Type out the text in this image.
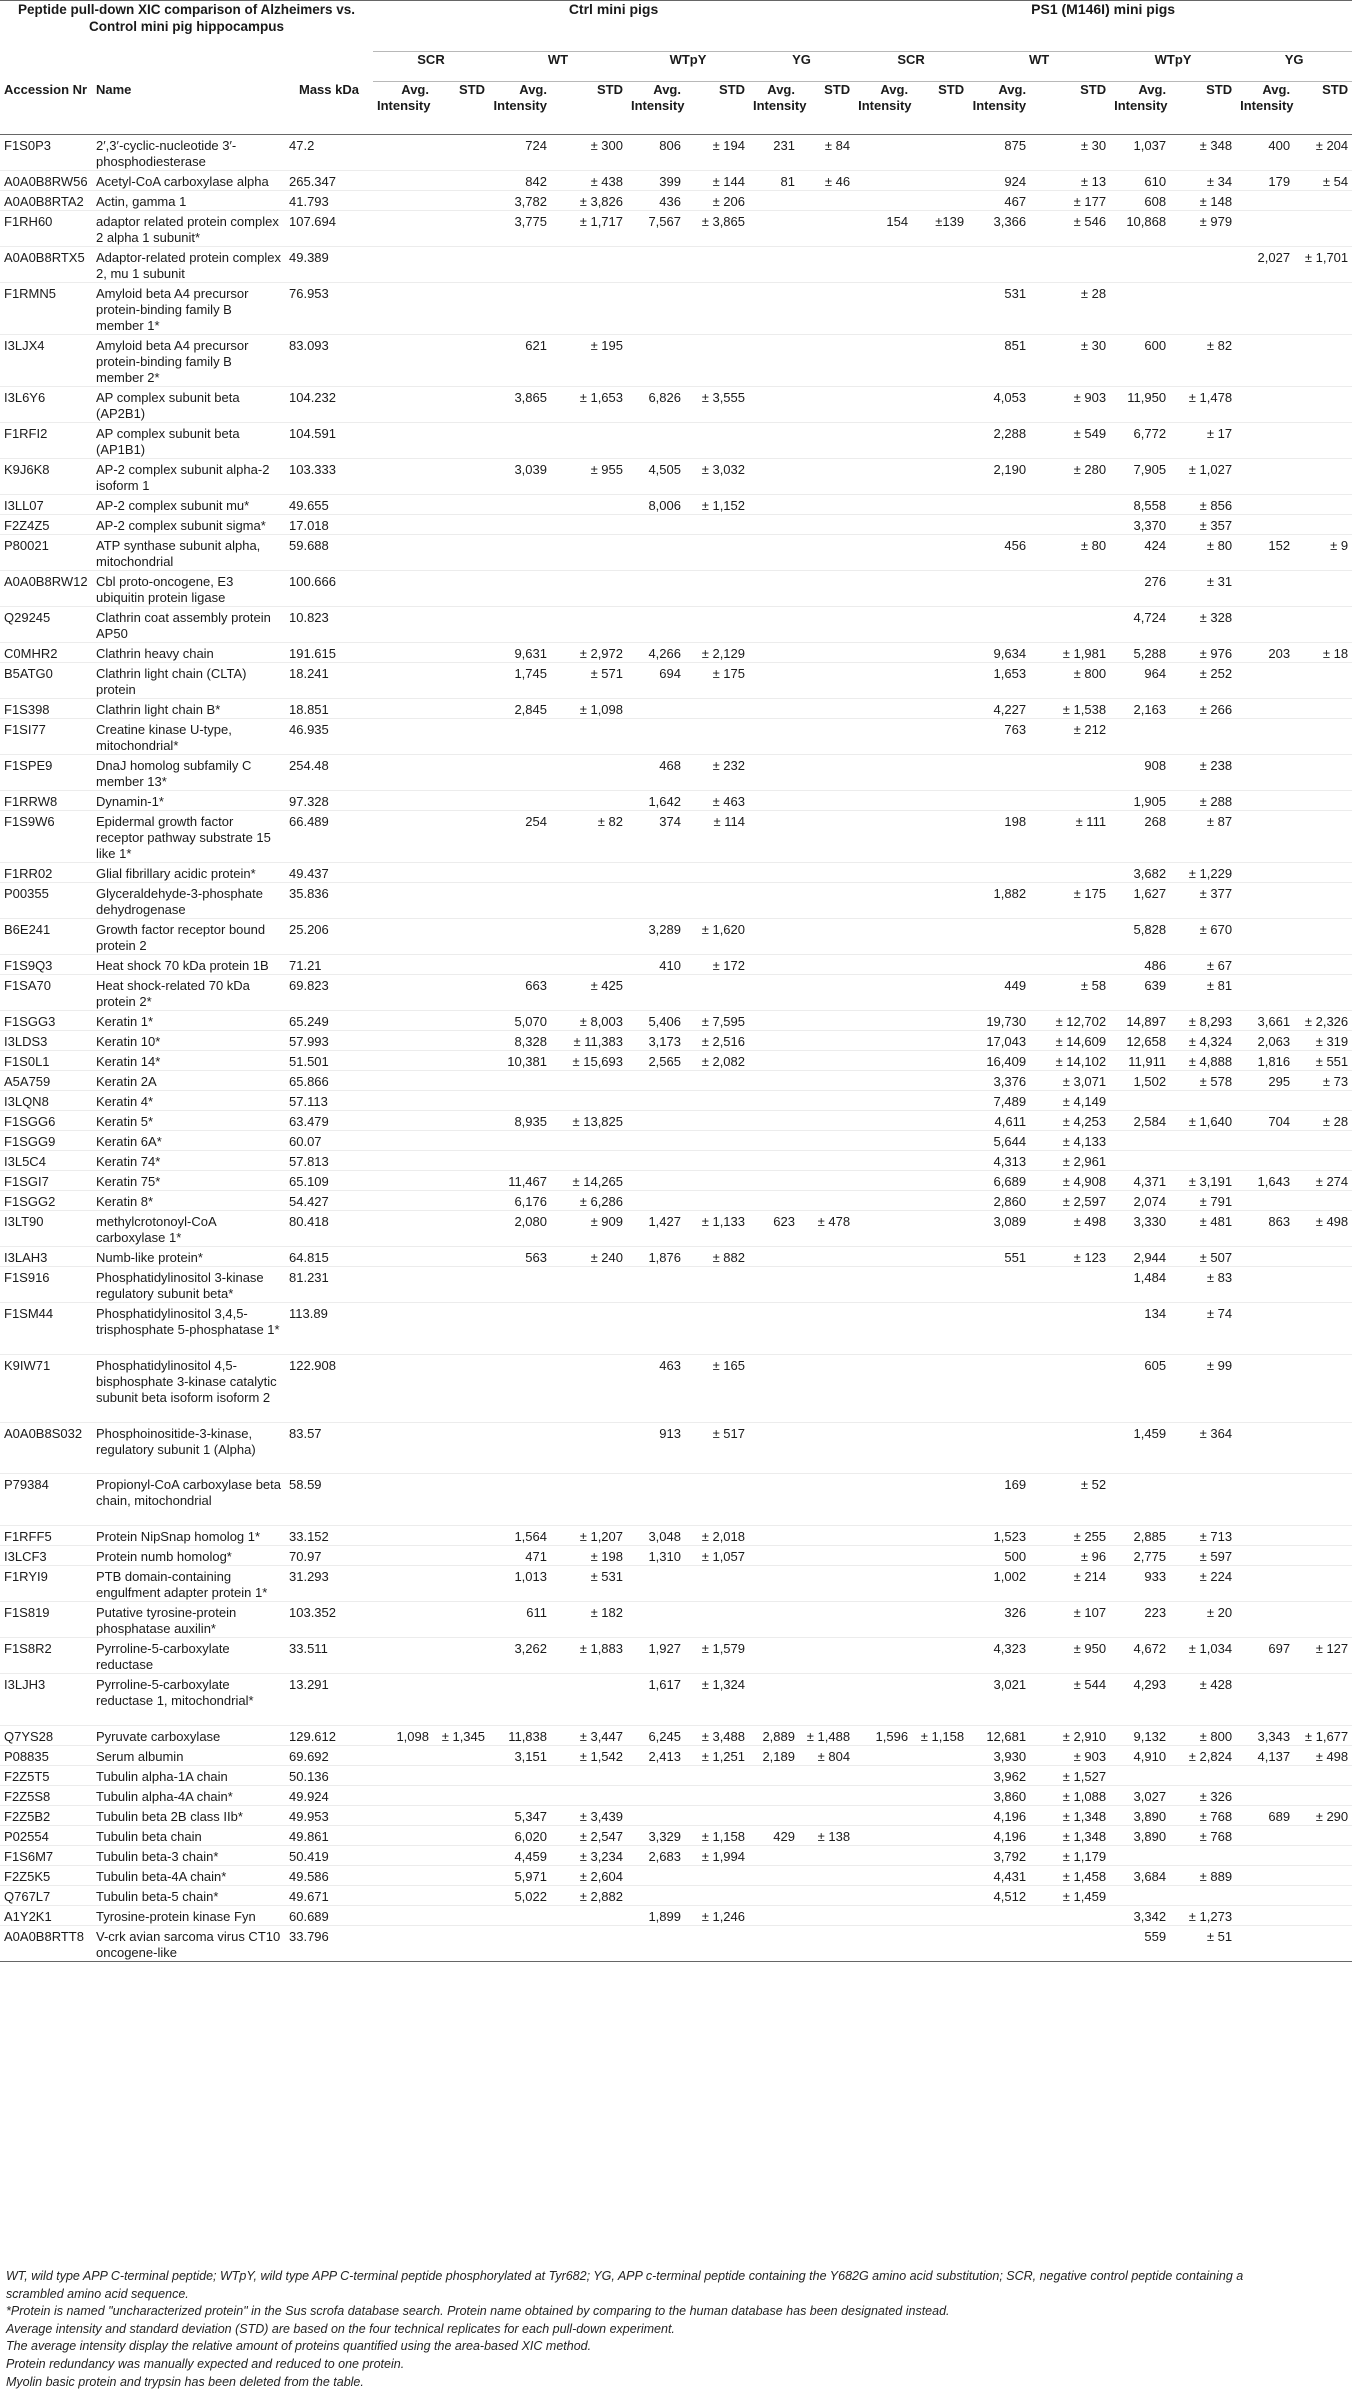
Peptide pull-down XIC comparison of Alzheimers vs. Control mini pig hippocampus			Ctrl mini pigs								PS1 (M146I) mini pigs							
			SCR		WT		WTpY		YG		SCR		WT		WTpY		YG	
Accession Nr	Name	Mass kDa	Avg. Intensity	STD	Avg. Intensity	STD	Avg. Intensity	STD	Avg. Intensity	STD	Avg. Intensity	STD	Avg. Intensity	STD	Avg. Intensity	STD	Avg. Intensity	STD
F1S0P3	2′,3′-cyclic-nucleotide 3′-phosphodiesterase	47.2			724	± 300	806	± 194	231	± 84			875	± 30	1,037	± 348	400	± 204
A0A0B8RW56	Acetyl-CoA carboxylase alpha	265.347			842	± 438	399	± 144	81	± 46			924	± 13	610	± 34	179	± 54
A0A0B8RTA2	Actin, gamma 1	41.793			3,782	± 3,826	436	± 206					467	± 177	608	± 148		
F1RH60	adaptor related protein complex 2 alpha 1 subunit*	107.694			3,775	± 1,717	7,567	± 3,865			154	±139	3,366	± 546	10,868	± 979		
A0A0B8RTX5	Adaptor-related protein complex 2, mu 1 subunit	49.389															2,027	± 1,701
F1RMN5	Amyloid beta A4 precursor protein-binding family B member 1*	76.953											531	± 28				
I3LJX4	Amyloid beta A4 precursor protein-binding family B member 2*	83.093			621	± 195							851	± 30	600	± 82		
I3L6Y6	AP complex subunit beta (AP2B1)	104.232			3,865	± 1,653	6,826	± 3,555					4,053	± 903	11,950	± 1,478		
F1RFI2	AP complex subunit beta (AP1B1)	104.591											2,288	± 549	6,772	± 17		
K9J6K8	AP-2 complex subunit alpha-2 isoform 1	103.333			3,039	± 955	4,505	± 3,032					2,190	± 280	7,905	± 1,027		
I3LL07	AP-2 complex subunit mu*	49.655					8,006	± 1,152							8,558	± 856		
F2Z4Z5	AP-2 complex subunit sigma*	17.018													3,370	± 357		
P80021	ATP synthase subunit alpha, mitochondrial	59.688											456	± 80	424	± 80	152	± 9
A0A0B8RW12	Cbl proto-oncogene, E3 ubiquitin protein ligase	100.666													276	± 31		
Q29245	Clathrin coat assembly protein AP50	10.823													4,724	± 328		
C0MHR2	Clathrin heavy chain	191.615			9,631	± 2,972	4,266	± 2,129					9,634	± 1,981	5,288	± 976	203	± 18
B5ATG0	Clathrin light chain (CLTA) protein	18.241			1,745	± 571	694	± 175					1,653	± 800	964	± 252		
F1S398	Clathrin light chain B*	18.851			2,845	± 1,098							4,227	± 1,538	2,163	± 266		
F1SI77	Creatine kinase U-type, mitochondrial*	46.935											763	± 212				
F1SPE9	DnaJ homolog subfamily C member 13*	254.48					468	± 232							908	± 238		
F1RRW8	Dynamin-1*	97.328					1,642	± 463							1,905	± 288		
F1S9W6	Epidermal growth factor receptor pathway substrate 15 like 1*	66.489			254	± 82	374	± 114					198	± 111	268	± 87		
F1RR02	Glial fibrillary acidic protein*	49.437													3,682	± 1,229		
P00355	Glyceraldehyde-3-phosphate dehydrogenase	35.836											1,882	± 175	1,627	± 377		
B6E241	Growth factor receptor bound protein 2	25.206					3,289	± 1,620							5,828	± 670		
F1S9Q3	Heat shock 70 kDa protein 1B	71.21					410	± 172							486	± 67		
F1SA70	Heat shock-related 70 kDa protein 2*	69.823			663	± 425							449	± 58	639	± 81		
F1SGG3	Keratin 1*	65.249			5,070	± 8,003	5,406	± 7,595					19,730	± 12,702	14,897	± 8,293	3,661	± 2,326
I3LDS3	Keratin 10*	57.993			8,328	± 11,383	3,173	± 2,516					17,043	± 14,609	12,658	± 4,324	2,063	± 319
F1S0L1	Keratin 14*	51.501			10,381	± 15,693	2,565	± 2,082					16,409	± 14,102	11,911	± 4,888	1,816	± 551
A5A759	Keratin 2A	65.866											3,376	± 3,071	1,502	± 578	295	± 73
I3LQN8	Keratin 4*	57.113											7,489	± 4,149				
F1SGG6	Keratin 5*	63.479			8,935	± 13,825							4,611	± 4,253	2,584	± 1,640	704	± 28
F1SGG9	Keratin 6A*	60.07											5,644	± 4,133				
I3L5C4	Keratin 74*	57.813											4,313	± 2,961				
F1SGI7	Keratin 75*	65.109			11,467	± 14,265							6,689	± 4,908	4,371	± 3,191	1,643	± 274
F1SGG2	Keratin 8*	54.427			6,176	± 6,286							2,860	± 2,597	2,074	± 791		
I3LT90	methylcrotonoyl-CoA carboxylase 1*	80.418			2,080	± 909	1,427	± 1,133	623	± 478			3,089	± 498	3,330	± 481	863	± 498
I3LAH3	Numb-like protein*	64.815			563	± 240	1,876	± 882					551	± 123	2,944	± 507		
F1S916	Phosphatidylinositol 3-kinase regulatory subunit beta*	81.231													1,484	± 83		
F1SM44	Phosphatidylinositol 3,4,5-trisphosphate 5-phosphatase 1*	113.89													134	± 74		
K9IW71	Phosphatidylinositol 4,5-bisphosphate 3-kinase catalytic subunit beta isoform isoform 2	122.908					463	± 165							605	± 99		
A0A0B8S032	Phosphoinositide-3-kinase, regulatory subunit 1 (Alpha)	83.57					913	± 517							1,459	± 364		
P79384	Propionyl-CoA carboxylase beta chain, mitochondrial	58.59											169	± 52				
F1RFF5	Protein NipSnap homolog 1*	33.152			1,564	± 1,207	3,048	± 2,018					1,523	± 255	2,885	± 713		
I3LCF3	Protein numb homolog*	70.97			471	± 198	1,310	± 1,057					500	± 96	2,775	± 597		
F1RYI9	PTB domain-containing engulfment adapter protein 1*	31.293			1,013	± 531							1,002	± 214	933	± 224		
F1S819	Putative tyrosine-protein phosphatase auxilin*	103.352			611	± 182							326	± 107	223	± 20		
F1S8R2	Pyrroline-5-carboxylate reductase	33.511			3,262	± 1,883	1,927	± 1,579					4,323	± 950	4,672	± 1,034	697	± 127
I3LJH3	Pyrroline-5-carboxylate reductase 1, mitochondrial*	13.291					1,617	± 1,324					3,021	± 544	4,293	± 428		
Q7YS28	Pyruvate carboxylase	129.612	1,098	± 1,345	11,838	± 3,447	6,245	± 3,488	2,889	± 1,488	1,596	± 1,158	12,681	± 2,910	9,132	± 800	3,343	± 1,677
P08835	Serum albumin	69.692			3,151	± 1,542	2,413	± 1,251	2,189	± 804			3,930	± 903	4,910	± 2,824	4,137	± 498
F2Z5T5	Tubulin alpha-1A chain	50.136											3,962	± 1,527				
F2Z5S8	Tubulin alpha-4A chain*	49.924											3,860	± 1,088	3,027	± 326		
F2Z5B2	Tubulin beta 2B class IIb*	49.953			5,347	± 3,439							4,196	± 1,348	3,890	± 768	689	± 290
P02554	Tubulin beta chain	49.861			6,020	± 2,547	3,329	± 1,158	429	± 138			4,196	± 1,348	3,890	± 768		
F1S6M7	Tubulin beta-3 chain*	50.419			4,459	± 3,234	2,683	± 1,994					3,792	± 1,179				
F2Z5K5	Tubulin beta-4A chain*	49.586			5,971	± 2,604							4,431	± 1,458	3,684	± 889		
Q767L7	Tubulin beta-5 chain*	49.671			5,022	± 2,882							4,512	± 1,459				
A1Y2K1	Tyrosine-protein kinase Fyn	60.689					1,899	± 1,246							3,342	± 1,273		
A0A0B8RTT8	V-crk avian sarcoma virus CT10 oncogene-like	33.796													559	± 51		
WT, wild type APP C-terminal peptide; WTpY, wild type APP C-terminal peptide phosphorylated at Tyr682; YG, APP c-terminal peptide containing the Y682G amino acid substitution; SCR, negative control peptide containing a scrambled amino acid sequence.
*Protein is named "uncharacterized protein" in the Sus scrofa database search. Protein name obtained by comparing to the human database has been designated instead.
Average intensity and standard deviation (STD) are based on the four technical replicates for each pull-down experiment.
The average intensity display the relative amount of proteins quantified using the area-based XIC method.
Protein redundancy was manually expected and reduced to one protein.
Myolin basic protein and trypsin has been deleted from the table.
